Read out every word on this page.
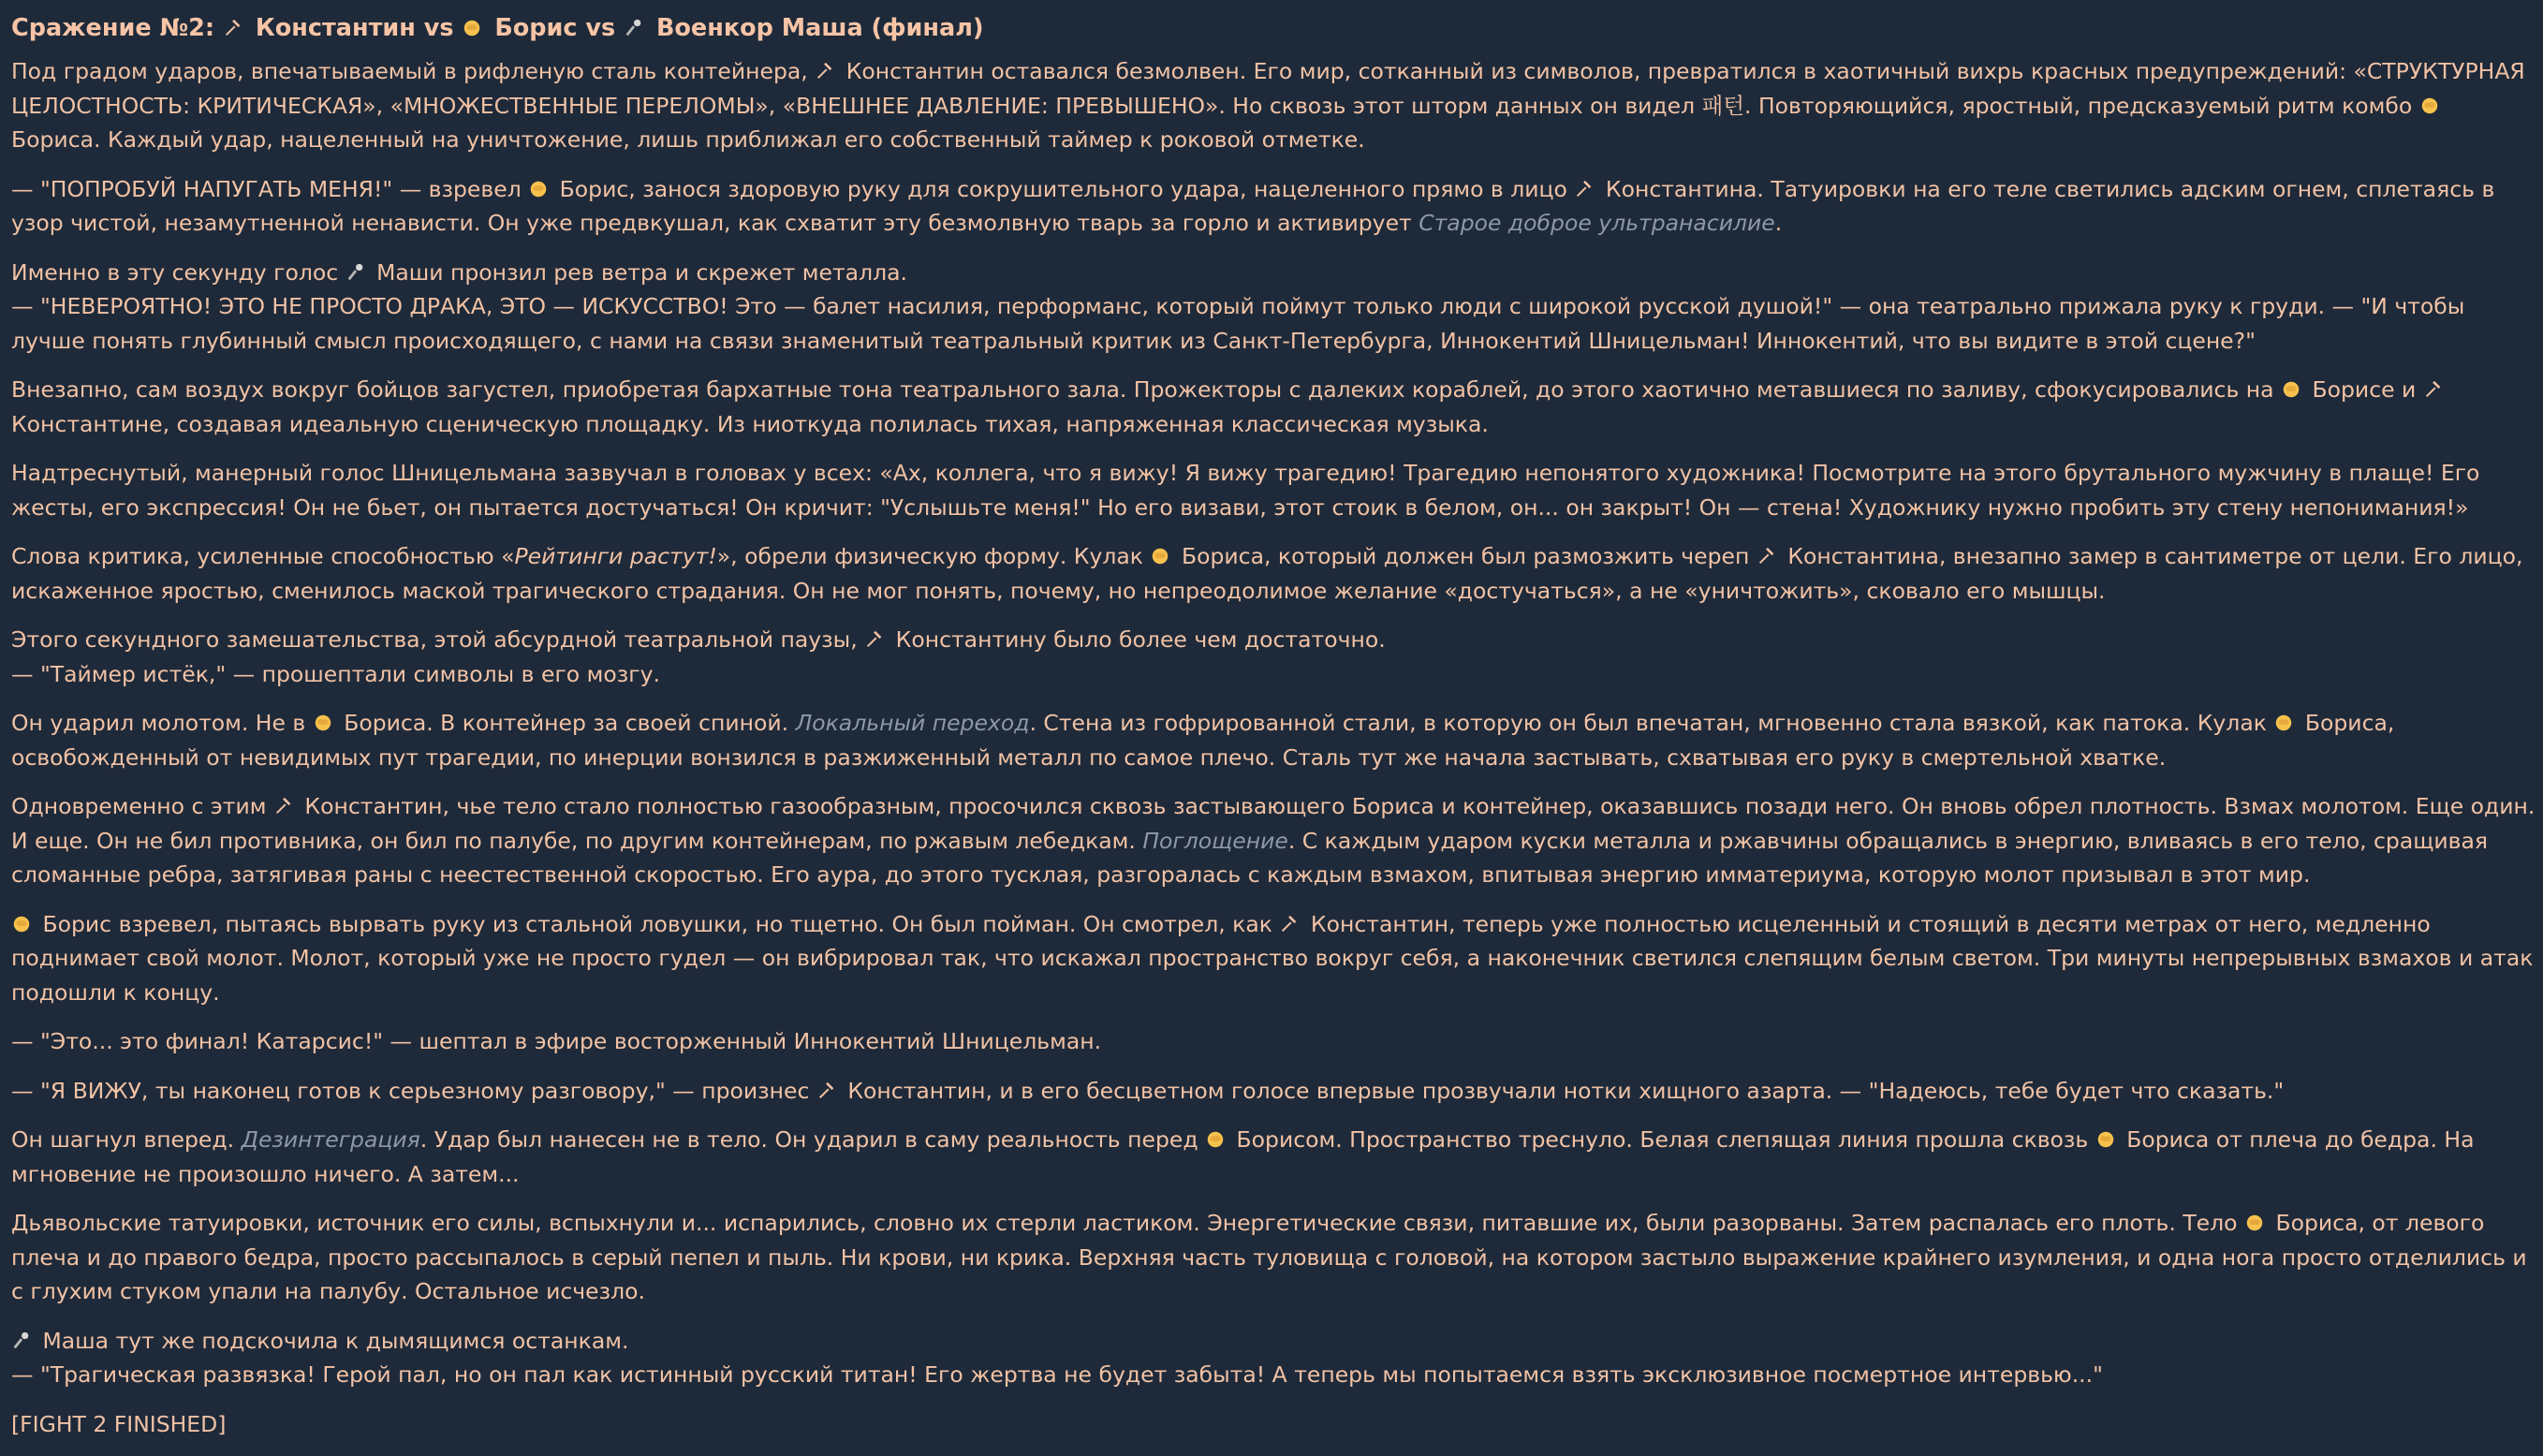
Сражение №2:  Константин vs  Борис vs  Военкор Маша (финал)

Под градом ударов, впечатываемый в рифленую сталь контейнера,  Константин оставался безмолвен. Его мир, сотканный из символов, превратился в хаотичный вихрь красных предупреждений: «СТРУКТУРНАЯ ЦЕЛОСТНОСТЬ: КРИТИЧЕСКАЯ», «МНОЖЕСТВЕННЫЕ ПЕРЕЛОМЫ», «ВНЕШНЕЕ ДАВЛЕНИЕ: ПРЕВЫШЕНО». Но сквозь этот шторм данных он видел 패턴. Повторяющийся, яростный, предсказуемый ритм комбо  Бориса. Каждый удар, нацеленный на уничтожение, лишь приближал его собственный таймер к роковой отметке.

— "ПОПРОБУЙ НАПУГАТЬ МЕНЯ!" — взревел  Борис, занося здоровую руку для сокрушительного удара, нацеленного прямо в лицо  Константина. Татуировки на его теле светились адским огнем, сплетаясь в узор чистой, незамутненной ненависти. Он уже предвкушал, как схватит эту безмолвную тварь за горло и активирует Старое доброе ультранасилие.

Именно в эту секунду голос  Маши пронзил рев ветра и скрежет металла.
— "НЕВЕРОЯТНО! ЭТО НЕ ПРОСТО ДРАКА, ЭТО — ИСКУССТВО! Это — балет насилия, перформанс, который поймут только люди с широкой русской душой!" — она театрально прижала руку к груди. — "И чтобы лучше понять глубинный смысл происходящего, с нами на связи знаменитый театральный критик из Санкт-Петербурга, Иннокентий Шницельман! Иннокентий, что вы видите в этой сцене?"

Внезапно, сам воздух вокруг бойцов загустел, приобретая бархатные тона театрального зала. Прожекторы с далеких кораблей, до этого хаотично метавшиеся по заливу, сфокусировались на  Борисе и  Константине, создавая идеальную сценическую площадку. Из ниоткуда полилась тихая, напряженная классическая музыка.

Надтреснутый, манерный голос Шницельмана зазвучал в головах у всех: «Ах, коллега, что я вижу! Я вижу трагедию! Трагедию непонятого художника! Посмотрите на этого брутального мужчину в плаще! Его жесты, его экспрессия! Он не бьет, он пытается достучаться! Он кричит: "Услышьте меня!" Но его визави, этот стоик в белом, он... он закрыт! Он — стена! Художнику нужно пробить эту стену непонимания!»

Слова критика, усиленные способностью «Рейтинги растут!», обрели физическую форму. Кулак  Бориса, который должен был размозжить череп  Константина, внезапно замер в сантиметре от цели. Его лицо, искаженное яростью, сменилось маской трагического страдания. Он не мог понять, почему, но непреодолимое желание «достучаться», а не «уничтожить», сковало его мышцы.

Этого секундного замешательства, этой абсурдной театральной паузы,  Константину было более чем достаточно.
— "Таймер истёк," — прошептали символы в его мозгу.

Он ударил молотом. Не в  Бориса. В контейнер за своей спиной. Локальный переход. Стена из гофрированной стали, в которую он был впечатан, мгновенно стала вязкой, как патока. Кулак  Бориса, освобожденный от невидимых пут трагедии, по инерции вонзился в разжиженный металл по самое плечо. Сталь тут же начала застывать, схватывая его руку в смертельной хватке.

Одновременно с этим  Константин, чье тело стало полностью газообразным, просочился сквозь застывающего Бориса и контейнер, оказавшись позади него. Он вновь обрел плотность. Взмах молотом. Еще один. И еще. Он не бил противника, он бил по палубе, по другим контейнерам, по ржавым лебедкам. Поглощение. С каждым ударом куски металла и ржавчины обращались в энергию, вливаясь в его тело, сращивая сломанные ребра, затягивая раны с неестественной скоростью. Его аура, до этого тусклая, разгоралась с каждым взмахом, впитывая энергию имматериума, которую молот призывал в этот мир.

Борис взревел, пытаясь вырвать руку из стальной ловушки, но тщетно. Он был пойман. Он смотрел, как  Константин, теперь уже полностью исцеленный и стоящий в десяти метрах от него, медленно поднимает свой молот. Молот, который уже не просто гудел — он вибрировал так, что искажал пространство вокруг себя, а наконечник светился слепящим белым светом. Три минуты непрерывных взмахов и атак подошли к концу.

— "Это... это финал! Катарсис!" — шептал в эфире восторженный Иннокентий Шницельман.

— "Я ВИЖУ, ты наконец готов к серьезному разговору," — произнес  Константин, и в его бесцветном голосе впервые прозвучали нотки хищного азарта. — "Надеюсь, тебе будет что сказать."

Он шагнул вперед. Дезинтеграция. Удар был нанесен не в тело. Он ударил в саму реальность перед  Борисом. Пространство треснуло. Белая слепящая линия прошла сквозь  Бориса от плеча до бедра. На мгновение не произошло ничего. А затем...

Дьявольские татуировки, источник его силы, вспыхнули и... испарились, словно их стерли ластиком. Энергетические связи, питавшие их, были разорваны. Затем распалась его плоть. Тело  Бориса, от левого плеча и до правого бедра, просто рассыпалось в серый пепел и пыль. Ни крови, ни крика. Верхняя часть туловища с головой, на котором застыло выражение крайнего изумления, и одна нога просто отделились и с глухим стуком упали на палубу. Остальное исчезло.

Маша тут же подскочила к дымящимся останкам.
— "Трагическая развязка! Герой пал, но он пал как истинный русский титан! Его жертва не будет забыта! А теперь мы попытаемся взять эксклюзивное посмертное интервью..."

[FIGHT 2 FINISHED]
